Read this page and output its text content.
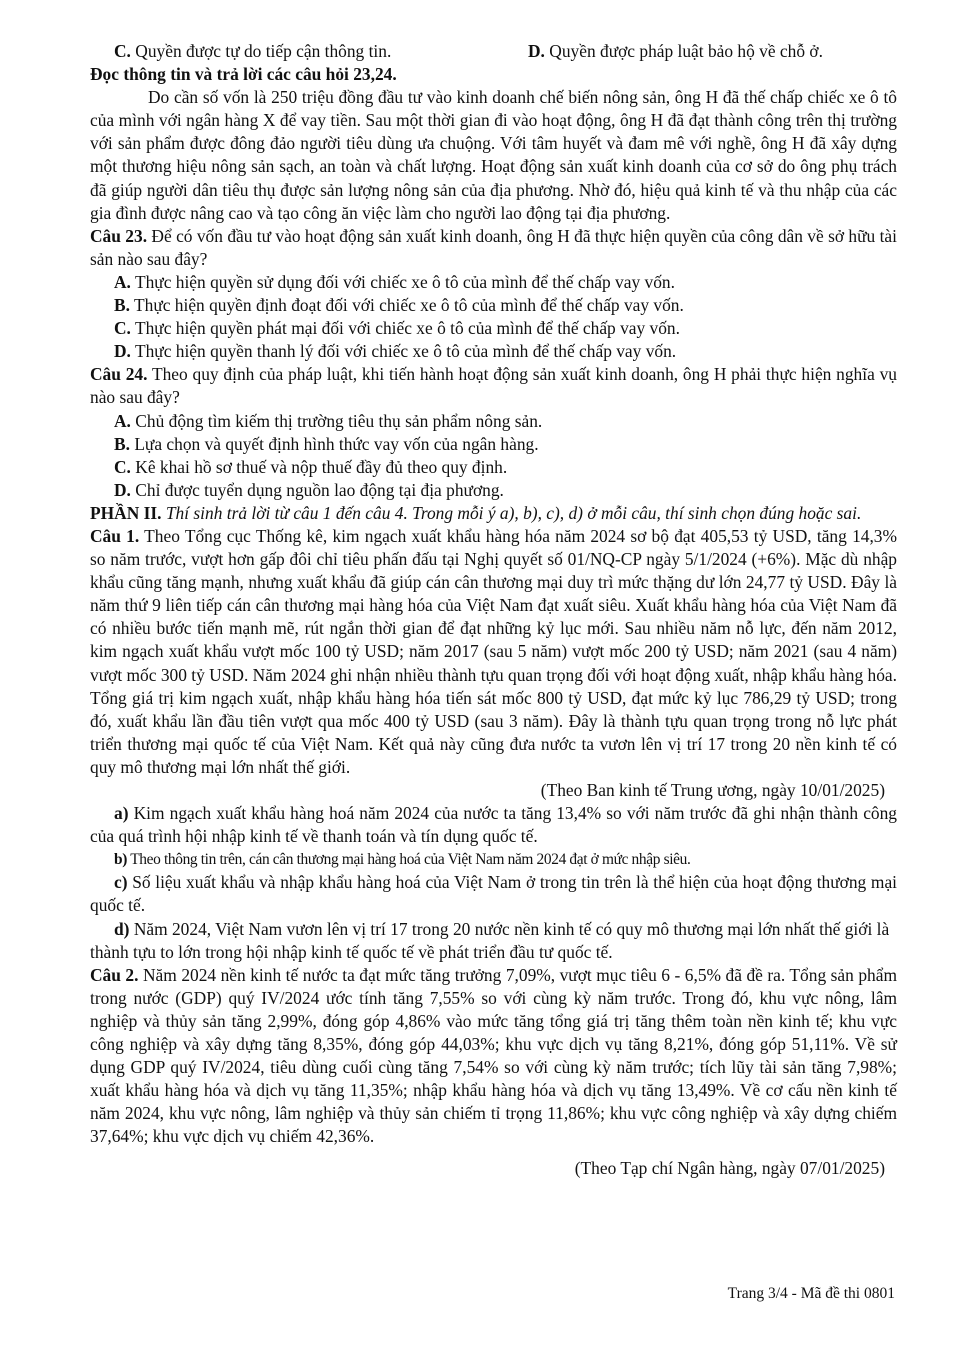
C. Quyền được tự do tiếp cận thông tin.	D. Quyền được pháp luật bảo hộ về chỗ ở.

Đọc thông tin và trả lời các câu hỏi 23,24.

Do cần số vốn là 250 triệu đồng đầu tư vào kinh doanh chế biến nông sản, ông H đã thế chấp chiếc xe ô tô của mình với ngân hàng X để vay tiền. Sau một thời gian đi vào hoạt động, ông H đã đạt thành công trên thị trường với sản phẩm được đông đảo người tiêu dùng ưa chuộng. Với tâm huyết và đam mê với nghề, ông H đã xây dựng một thương hiệu nông sản sạch, an toàn và chất lượng. Hoạt động sản xuất kinh doanh của cơ sở do ông phụ trách đã giúp người dân tiêu thụ được sản lượng nông sản của địa phương. Nhờ đó, hiệu quả kinh tế và thu nhập của các gia đình được nâng cao và tạo công ăn việc làm cho người lao động tại địa phương.

Câu 23. Để có vốn đầu tư vào hoạt động sản xuất kinh doanh, ông H đã thực hiện quyền của công dân về sở hữu tài sản nào sau đây?

A. Thực hiện quyền sử dụng đối với chiếc xe ô tô của mình để thế chấp vay vốn.

B. Thực hiện quyền định đoạt đối với chiếc xe ô tô của mình để thế chấp vay vốn.

C. Thực hiện quyền phát mại đối với chiếc xe ô tô của mình để thế chấp vay vốn.

D. Thực hiện quyền thanh lý đối với chiếc xe ô tô của mình để thế chấp vay vốn.

Câu 24. Theo quy định của pháp luật, khi tiến hành hoạt động sản xuất kinh doanh, ông H phải thực hiện nghĩa vụ nào sau đây?

A. Chủ động tìm kiếm thị trường tiêu thụ sản phẩm nông sản.

B. Lựa chọn và quyết định hình thức vay vốn của ngân hàng.

C. Kê khai hồ sơ thuế và nộp thuế đầy đủ theo quy định.

D. Chỉ được tuyển dụng nguồn lao động tại địa phương.

PHẦN II. Thí sinh trả lời từ câu 1 đến câu 4. Trong mỗi ý a), b), c), d) ở mỗi câu, thí sinh chọn đúng hoặc sai.

Câu 1. Theo Tổng cục Thống kê, kim ngạch xuất khẩu hàng hóa năm 2024 sơ bộ đạt 405,53 tỷ USD, tăng 14,3% so năm trước, vượt hơn gấp đôi chỉ tiêu phấn đấu tại Nghị quyết số 01/NQ-CP ngày 5/1/2024 (+6%). Mặc dù nhập khẩu cũng tăng mạnh, nhưng xuất khẩu đã giúp cán cân thương mại duy trì mức thặng dư lớn 24,77 tỷ USD. Đây là năm thứ 9 liên tiếp cán cân thương mại hàng hóa của Việt Nam đạt xuất siêu. Xuất khẩu hàng hóa của Việt Nam đã có nhiều bước tiến mạnh mẽ, rút ngắn thời gian để đạt những kỷ lục mới. Sau nhiều năm nỗ lực, đến năm 2012, kim ngạch xuất khẩu vượt mốc 100 tỷ USD; năm 2017 (sau 5 năm) vượt mốc 200 tỷ USD; năm 2021 (sau 4 năm) vượt mốc 300 tỷ USD. Năm 2024 ghi nhận nhiều thành tựu quan trọng đối với hoạt động xuất, nhập khẩu hàng hóa. Tổng giá trị kim ngạch xuất, nhập khẩu hàng hóa tiến sát mốc 800 tỷ USD, đạt mức kỷ lục 786,29 tỷ USD; trong đó, xuất khẩu lần đầu tiên vượt qua mốc 400 tỷ USD (sau 3 năm). Đây là thành tựu quan trọng trong nỗ lực phát triển thương mại quốc tế của Việt Nam. Kết quả này cũng đưa nước ta vươn lên vị trí 17 trong 20 nền kinh tế có quy mô thương mại lớn nhất thế giới.

(Theo Ban kinh tế Trung ương, ngày 10/01/2025)

a) Kim ngạch xuất khẩu hàng hoá năm 2024 của nước ta tăng 13,4% so với năm trước đã ghi nhận thành công của quá trình hội nhập kinh tế về thanh toán và tín dụng quốc tế.

b) Theo thông tin trên, cán cân thương mại hàng hoá của Việt Nam năm 2024 đạt ở mức nhập siêu.

c) Số liệu xuất khẩu và nhập khẩu hàng hoá của Việt Nam ở trong tin trên là thể hiện của hoạt động thương mại quốc tế.

d) Năm 2024, Việt Nam vươn lên vị trí 17 trong 20 nước nền kinh tế có quy mô thương mại lớn nhất thế giới là thành tựu to lớn trong hội nhập kinh tế quốc tế về phát triển đầu tư quốc tế.

Câu 2. Năm 2024 nền kinh tế nước ta đạt mức tăng trưởng 7,09%, vượt mục tiêu 6 - 6,5% đã đề ra. Tổng sản phẩm trong nước (GDP) quý IV/2024 ước tính tăng 7,55% so với cùng kỳ năm trước. Trong đó, khu vực nông, lâm nghiệp và thủy sản tăng 2,99%, đóng góp 4,86% vào mức tăng tổng giá trị tăng thêm toàn nền kinh tế; khu vực công nghiệp và xây dựng tăng 8,35%, đóng góp 44,03%; khu vực dịch vụ tăng 8,21%, đóng góp 51,11%. Về sử dụng GDP quý IV/2024, tiêu dùng cuối cùng tăng 7,54% so với cùng kỳ năm trước; tích lũy tài sản tăng 7,98%; xuất khẩu hàng hóa và dịch vụ tăng 11,35%; nhập khẩu hàng hóa và dịch vụ tăng 13,49%. Về cơ cấu nền kinh tế năm 2024, khu vực nông, lâm nghiệp và thủy sản chiếm tỉ trọng 11,86%; khu vực công nghiệp và xây dựng chiếm 37,64%; khu vực dịch vụ chiếm 42,36%.

(Theo Tạp chí Ngân hàng, ngày 07/01/2025)

Trang 3/4 - Mã đề thi 0801
